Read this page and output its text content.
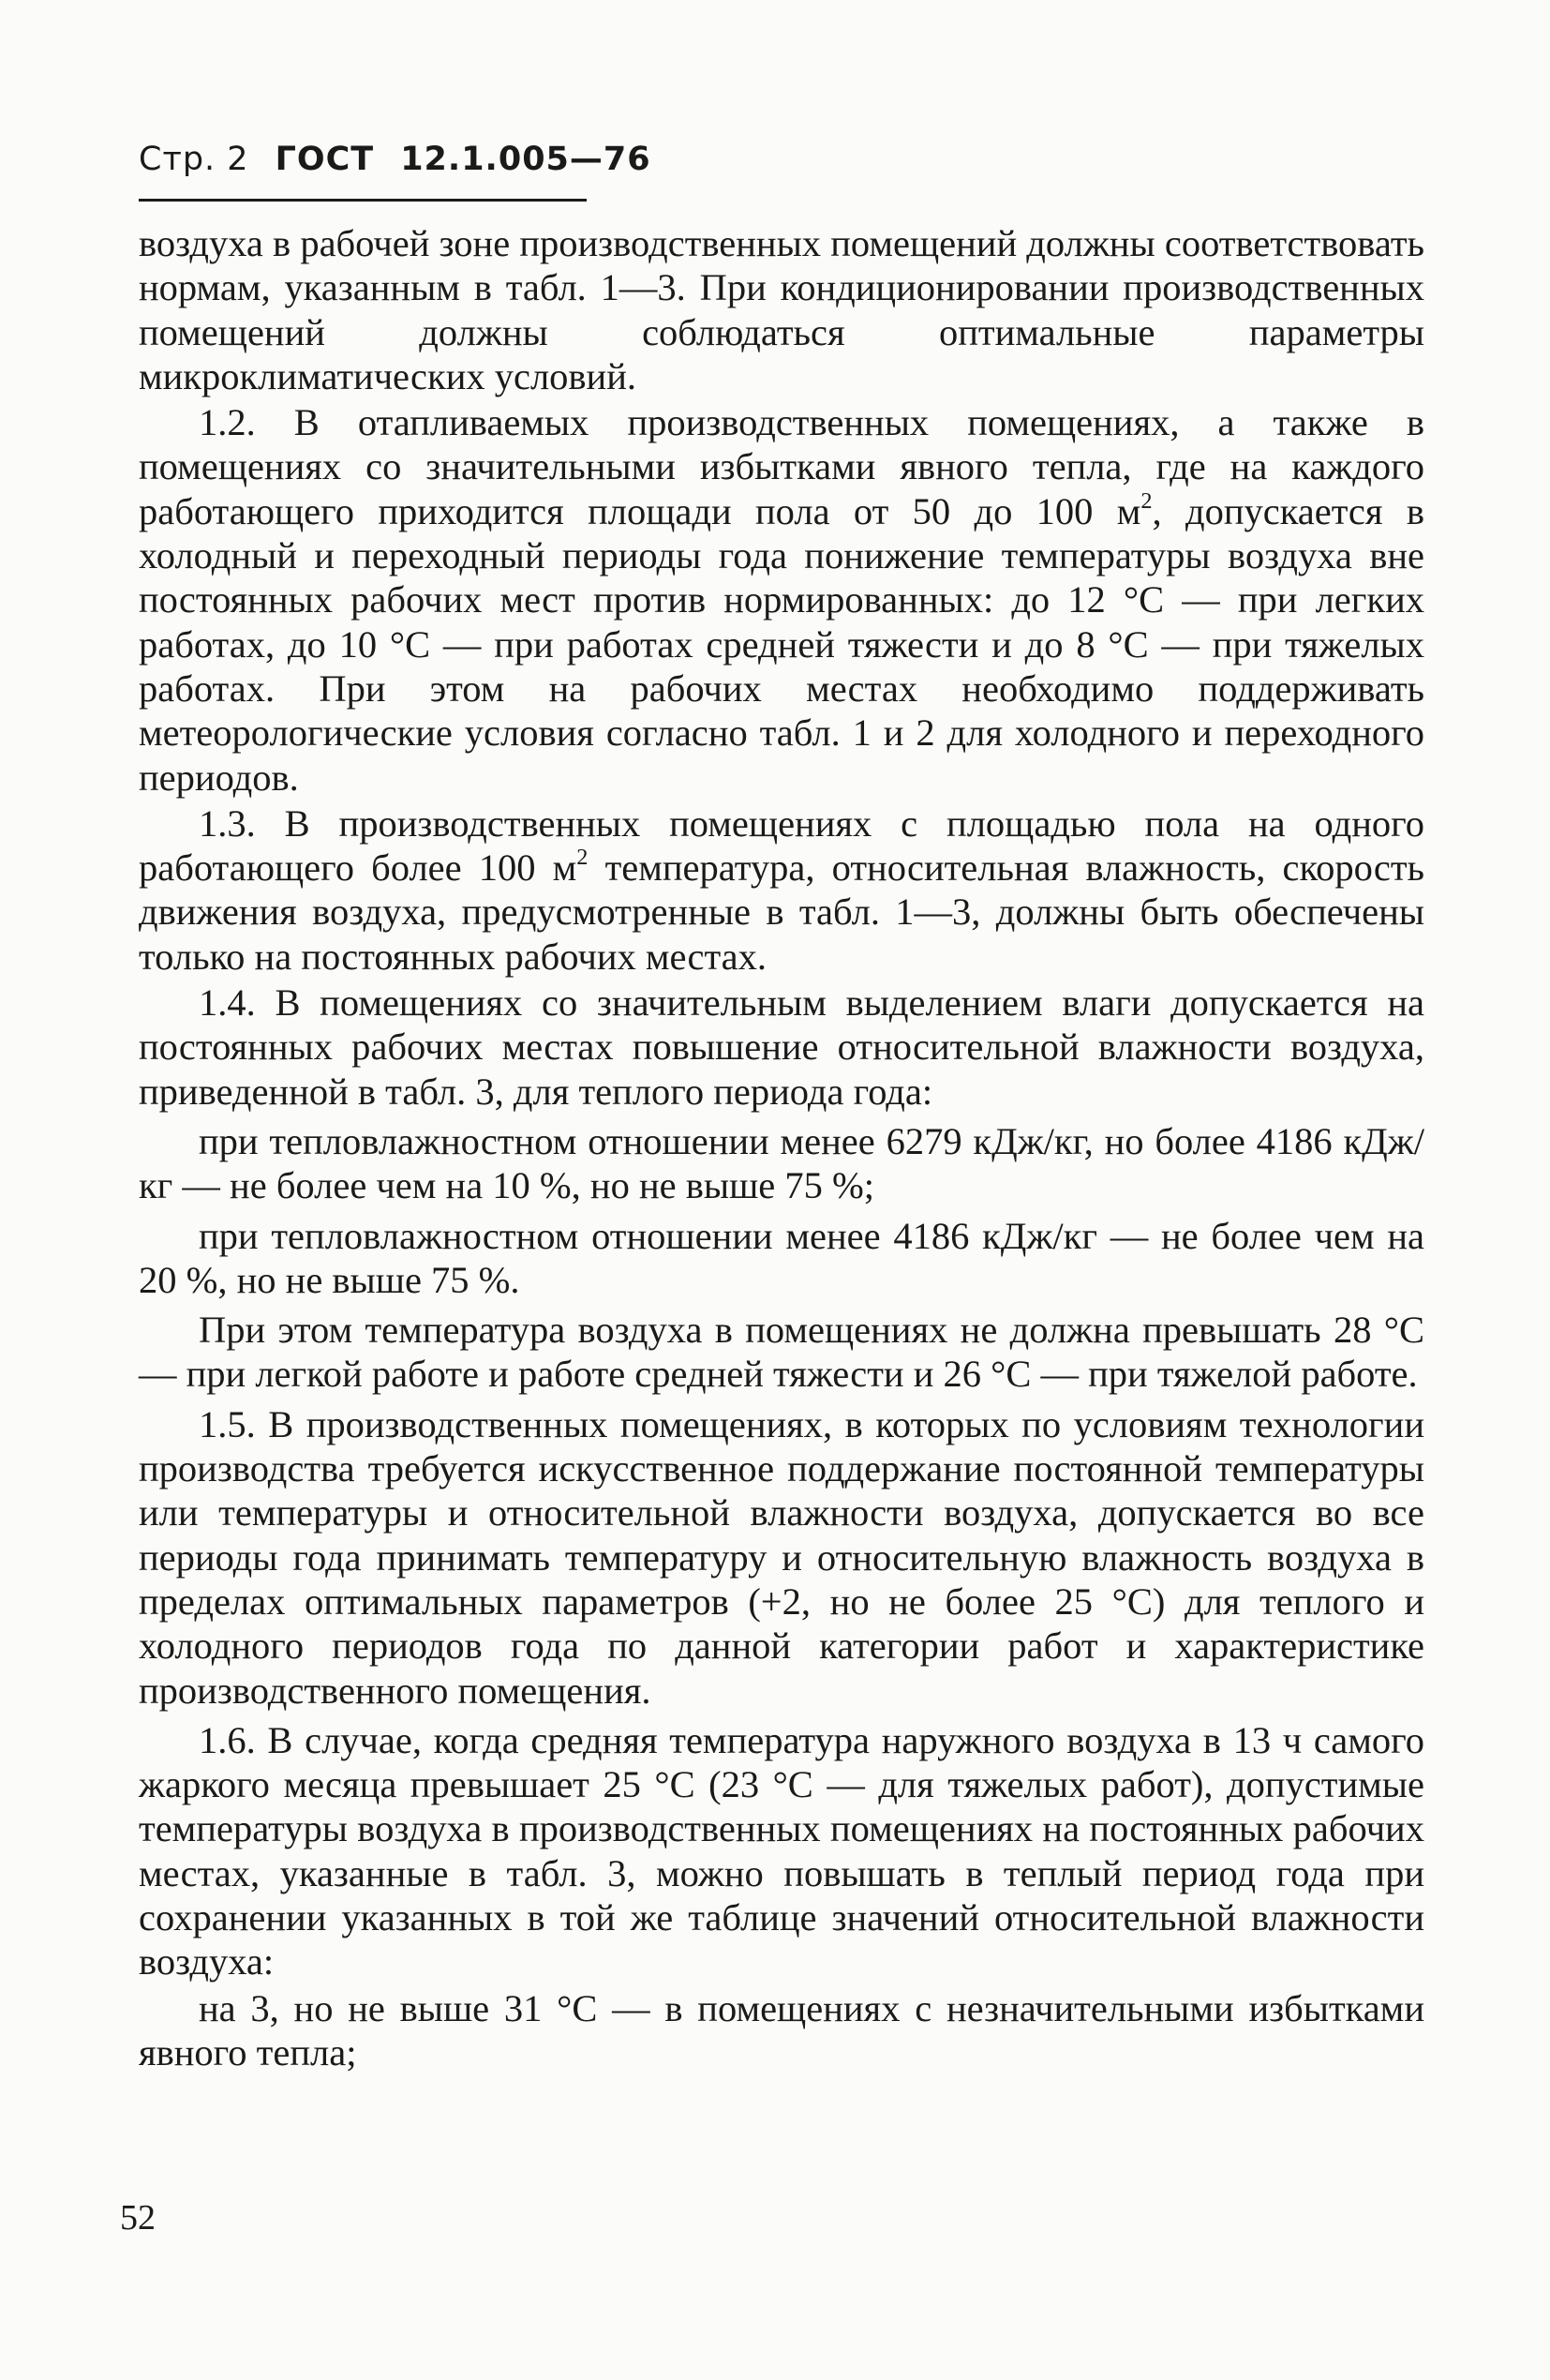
Стр. 2 ГОСТ 12.1.005—76

воздуха в рабочей зоне производственных помещений должны соответствовать нормам, указанным в табл. 1—3. При кондиционировании производственных помещений должны соблюдаться оптимальные параметры микроклиматических условий.

1.2. В отапливаемых производственных помещениях, а также в помещениях со значительными избытками явного тепла, где на каждого работающего приходится площади пола от 50 до 100 $м^2$, допускается в холодный и переходный периоды года понижение температуры воздуха вне постоянных рабочих мест против нормированных: до 12 °С — при легких работах, до 10 °С — при работах средней тяжести и до 8 °С — при тяжелых работах. При этом на рабочих местах необходимо поддерживать метеорологические условия согласно табл. 1 и 2 для холодного и переходного периодов.

1.3. В производственных помещениях с площадью пола на одного работающего более 100 $м^2$ температура, относительная влажность, скорость движения воздуха, предусмотренные в табл. 1—3, должны быть обеспечены только на постоянных рабочих местах.

1.4. В помещениях со значительным выделением влаги допускается на постоянных рабочих местах повышение относительной влажности воздуха, приведенной в табл. 3, для теплого периода года:

при тепловлажностном отношении менее 6279 кДж/кг, но более 4186 кДж/кг — не более чем на 10 %, но не выше 75 %;

при тепловлажностном отношении менее 4186 кДж/кг — не более чем на 20 %, но не выше 75 %.

При этом температура воздуха в помещениях не должна превышать 28 °С — при легкой работе и работе средней тяжести и 26 °С — при тяжелой работе.

1.5. В производственных помещениях, в которых по условиям технологии производства требуется искусственное поддержание постоянной температуры или температуры и относительной влажности воздуха, допускается во все периоды года принимать температуру и относительную влажность воздуха в пределах оптимальных параметров (+2, но не более 25 °С) для теплого и холодного периодов года по данной категории работ и характеристике производственного помещения.

1.6. В случае, когда средняя температура наружного воздуха в 13 ч самого жаркого месяца превышает 25 °С (23 °С — для тяжелых работ), допустимые температуры воздуха в производственных помещениях на постоянных рабочих местах, указанные в табл. 3, можно повышать в теплый период года при сохранении указанных в той же таблице значений относительной влажности воздуха:

на 3, но не выше 31 °С — в помещениях с незначительными избытками явного тепла;

52
